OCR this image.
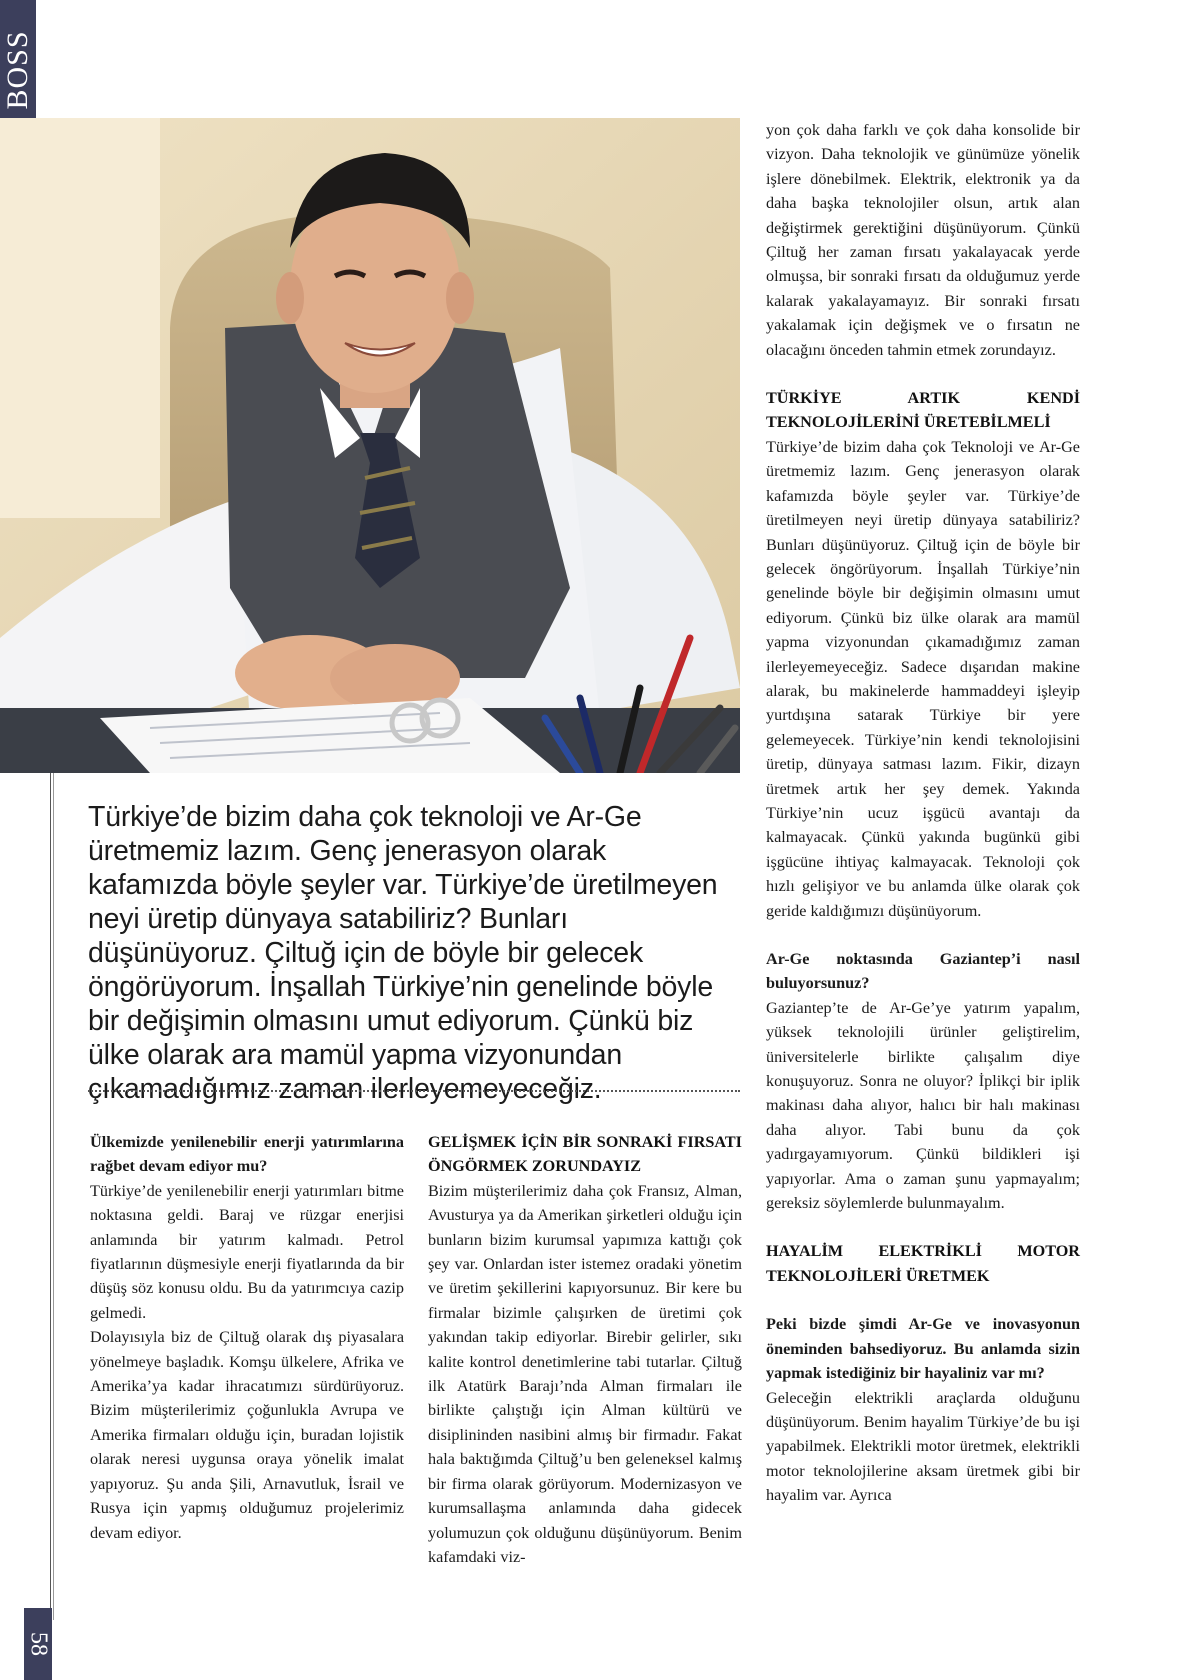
BOSS
58
Türkiye’de bizim daha çok teknoloji ve Ar-Ge üretmemiz lazım. Genç jenerasyon olarak kafamızda böyle şeyler var. Türkiye’de üretilmeyen neyi üretip dünyaya satabiliriz? Bunları düşünüyoruz. Çiltuğ için de böyle bir gelecek öngörüyorum. İnşallah Türkiye’nin genelinde böyle bir değişimin olmasını umut ediyorum. Çünkü biz ülke olarak ara mamül yapma vizyonundan çıkamadığımız zaman ilerleyemeyeceğiz.

Ülkemizde yenilenebilir enerji yatırımlarına rağbet devam ediyor mu?

Türkiye’de yenilenebilir enerji yatırımları bitme noktasına geldi. Baraj ve rüzgar enerjisi anlamında bir yatırım kalmadı. Petrol fiyatlarının düşmesiyle enerji fiyatlarında da bir düşüş söz konusu oldu. Bu da yatırımcıya cazip gelmedi.

Dolayısıyla biz de Çiltuğ olarak dış piyasalara yönelmeye başladık. Komşu ülkelere, Afrika ve Amerika’ya kadar ihracatımızı sürdürüyoruz. Bizim müşterilerimiz çoğunlukla Avrupa ve Amerika firmaları olduğu için, buradan lojistik olarak neresi uygunsa oraya yönelik imalat yapıyoruz. Şu anda Şili, Arnavutluk, İsrail ve Rusya için yapmış olduğumuz projelerimiz devam ediyor.

GELİŞMEK İÇİN BİR SONRAKİ FIRSATI ÖNGÖRMEK ZORUNDAYIZ

Bizim müşterilerimiz daha çok Fransız, Alman, Avusturya ya da Amerikan şirketleri olduğu için bunların bizim kurumsal yapımıza kattığı çok şey var. Onlardan ister istemez oradaki yönetim ve üretim şekillerini kapıyorsunuz. Bir kere bu firmalar bizimle çalışırken de üretimi çok yakından takip ediyorlar. Birebir gelirler, sıkı kalite kontrol denetimlerine tabi tutarlar. Çiltuğ ilk Atatürk Barajı’nda Alman firmaları ile birlikte çalıştığı için Alman kültürü ve disiplininden nasibini almış bir firmadır. Fakat hala baktığımda Çiltuğ’u ben geleneksel kalmış bir firma olarak görüyorum. Modernizasyon ve kurumsallaşma anlamında daha gidecek yolumuzun çok olduğunu düşünüyorum. Benim kafamdaki viz-

yon çok daha farklı ve çok daha konsolide bir vizyon. Daha teknolojik ve günümüze yönelik işlere dönebilmek. Elektrik, elektronik ya da daha başka teknolojiler olsun, artık alan değiştirmek gerektiğini düşünüyorum. Çünkü Çiltuğ her zaman fırsatı yakalayacak yerde olmuşsa, bir sonraki fırsatı da olduğumuz yerde kalarak yakalayamayız. Bir sonraki fırsatı yakalamak için değişmek ve o fırsatın ne olacağını önceden tahmin etmek zorundayız.

TÜRKİYE ARTIK KENDİ TEKNOLOJİLERİNİ ÜRETEBİLMELİ

Türkiye’de bizim daha çok Teknoloji ve Ar-Ge üretmemiz lazım. Genç jenerasyon olarak kafamızda böyle şeyler var. Türkiye’de üretilmeyen neyi üretip dünyaya satabiliriz? Bunları düşünüyoruz. Çiltuğ için de böyle bir gelecek öngörüyorum. İnşallah Türkiye’nin genelinde böyle bir değişimin olmasını umut ediyorum. Çünkü biz ülke olarak ara mamül yapma vizyonundan çıkamadığımız zaman ilerleyemeyeceğiz. Sadece dışarıdan makine alarak, bu makinelerde hammaddeyi işleyip yurtdışına satarak Türkiye bir yere gelemeyecek. Türkiye’nin kendi teknolojisini üretip, dünyaya satması lazım. Fikir, dizayn üretmek artık her şey demek. Yakında Türkiye’nin ucuz işgücü avantajı da kalmayacak. Çünkü yakında bugünkü gibi işgücüne ihtiyaç kalmayacak. Teknoloji çok hızlı gelişiyor ve bu anlamda ülke olarak çok geride kaldığımızı düşünüyorum.

Ar-Ge noktasında Gaziantep’i nasıl buluyorsunuz?

Gaziantep’te de Ar-Ge’ye yatırım yapalım, yüksek teknolojili ürünler geliştirelim, üniversitelerle birlikte çalışalım diye konuşuyoruz. Sonra ne oluyor? İplikçi bir iplik makinası daha alıyor, halıcı bir halı makinası daha alıyor. Tabi bunu da çok yadırgayamıyorum. Çünkü bildikleri işi yapıyorlar. Ama o zaman şunu yapmayalım; gereksiz söylemlerde bulunmayalım.

HAYALİM ELEKTRİKLİ MOTOR TEKNOLOJİLERİ ÜRETMEK

Peki bizde şimdi Ar-Ge ve inovasyonun öneminden bahsediyoruz. Bu anlamda sizin yapmak istediğiniz bir hayaliniz var mı?

Geleceğin elektrikli araçlarda olduğunu düşünüyorum. Benim hayalim Türkiye’de bu işi yapabilmek. Elektrikli motor üretmek, elektrikli motor teknolojilerine aksam üretmek gibi bir hayalim var. Ayrıca
